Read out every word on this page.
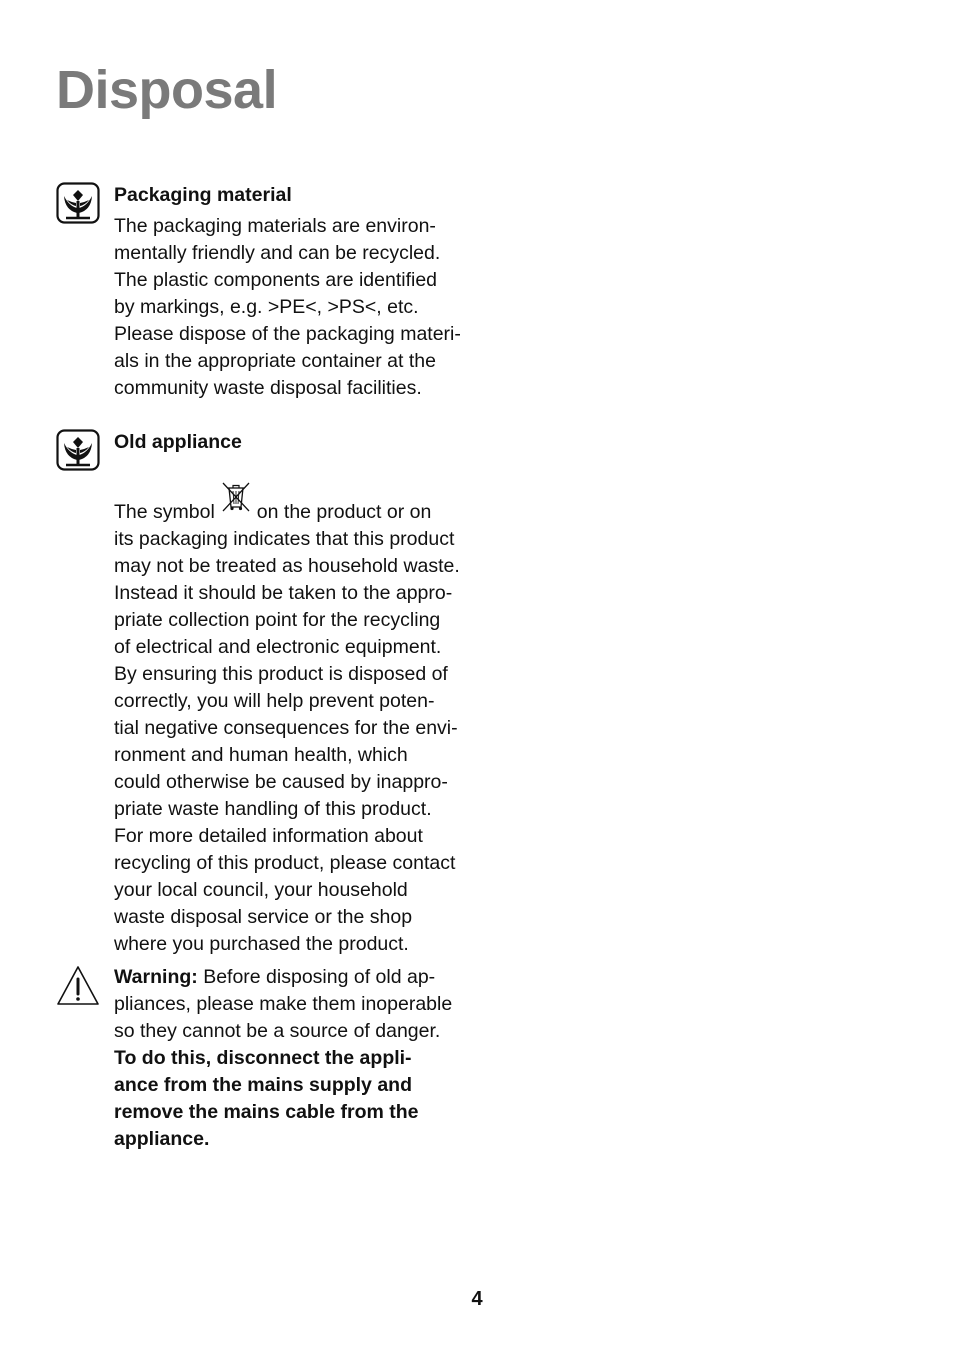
Disposal
Packaging material
The packaging materials are environ-
mentally friendly and can be recycled.
The plastic components are identified
by markings, e.g. >PE<, >PS<, etc.
Please dispose of the packaging materi-
als in the appropriate container at the
community waste disposal facilities.
Old appliance
The symbol on the product or on
its packaging indicates that this product
may not be treated as household waste.
Instead it should be taken to the appro-
priate collection point for the recycling
of electrical and electronic equipment.
By ensuring this product is disposed of
correctly, you will help prevent poten-
tial negative consequences for the envi-
ronment and human health, which
could otherwise be caused by inappro-
priate waste handling of this product.
For more detailed information about
recycling of this product, please contact
your local council, your household
waste disposal service or the shop
where you purchased the product.
Warning: Before disposing of old ap-
pliances, please make them inoperable
so they cannot be a source of danger.
To do this, disconnect the appli-
ance from the mains supply and
remove the mains cable from the
appliance.
4
